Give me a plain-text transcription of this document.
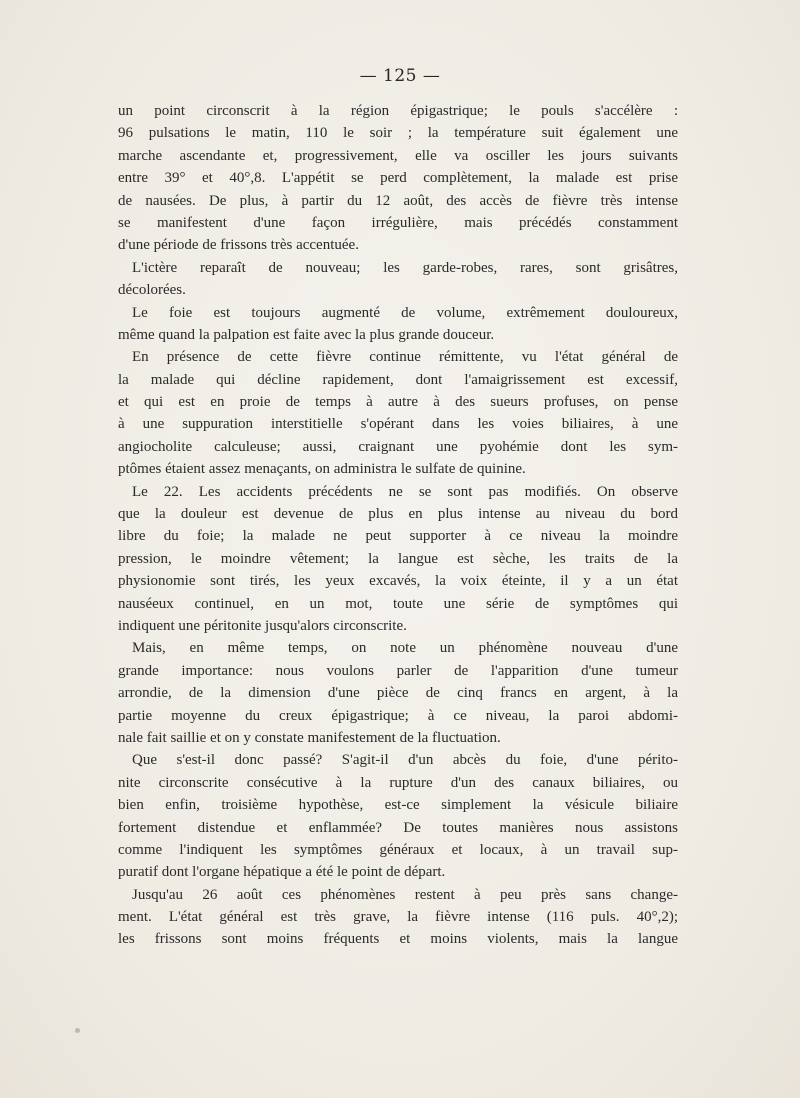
— 125 —
un point circonscrit à la région épigastrique; le pouls s'accélère :
96 pulsations le matin, 110 le soir ; la température suit également une
marche ascendante et, progressivement, elle va osciller les jours suivants
entre 39° et 40°,8. L'appétit se perd complètement, la malade est prise
de nausées. De plus, à partir du 12 août, des accès de fièvre très intense
se manifestent d'une façon irrégulière, mais précédés constamment
d'une période de frissons très accentuée.
L'ictère reparaît de nouveau; les garde-robes, rares, sont grisâtres,
décolorées.
Le foie est toujours augmenté de volume, extrêmement douloureux,
même quand la palpation est faite avec la plus grande douceur.
En présence de cette fièvre continue rémittente, vu l'état général de
la malade qui décline rapidement, dont l'amaigrissement est excessif,
et qui est en proie de temps à autre à des sueurs profuses, on pense
à une suppuration interstitielle s'opérant dans les voies biliaires, à une
angiocholite calculeuse; aussi, craignant une pyohémie dont les sym-
ptômes étaient assez menaçants, on administra le sulfate de quinine.
Le 22. Les accidents précédents ne se sont pas modifiés. On observe
que la douleur est devenue de plus en plus intense au niveau du bord
libre du foie; la malade ne peut supporter à ce niveau la moindre
pression, le moindre vêtement; la langue est sèche, les traits de la
physionomie sont tirés, les yeux excavés, la voix éteinte, il y a un état
nauséeux continuel, en un mot, toute une série de symptômes qui
indiquent une péritonite jusqu'alors circonscrite.
Mais, en même temps, on note un phénomène nouveau d'une
grande importance: nous voulons parler de l'apparition d'une tumeur
arrondie, de la dimension d'une pièce de cinq francs en argent, à la
partie moyenne du creux épigastrique; à ce niveau, la paroi abdomi-
nale fait saillie et on y constate manifestement de la fluctuation.
Que s'est-il donc passé? S'agit-il d'un abcès du foie, d'une périto-
nite circonscrite consécutive à la rupture d'un des canaux biliaires, ou
bien enfin, troisième hypothèse, est-ce simplement la vésicule biliaire
fortement distendue et enflammée? De toutes manières nous assistons
comme l'indiquent les symptômes généraux et locaux, à un travail sup-
puratif dont l'organe hépatique a été le point de départ.
Jusqu'au 26 août ces phénomènes restent à peu près sans change-
ment. L'état général est très grave, la fièvre intense (116 puls. 40°,2);
les frissons sont moins fréquents et moins violents, mais la langue
